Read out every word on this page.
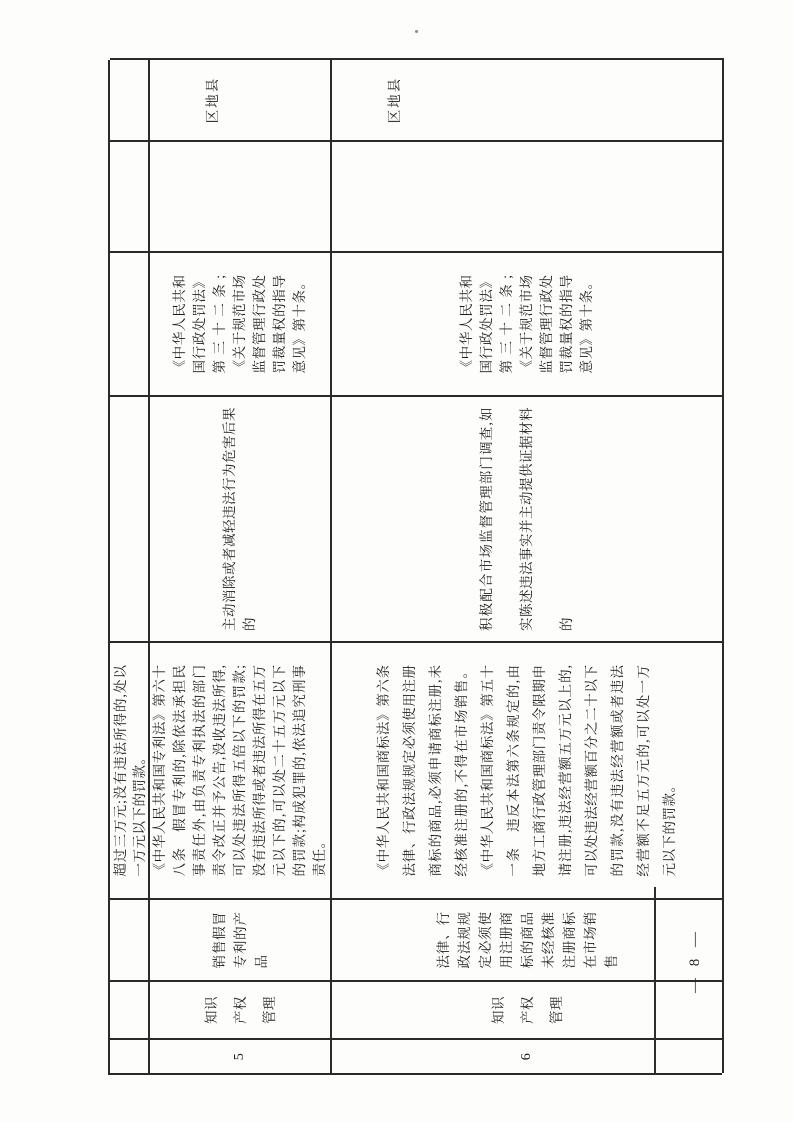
超过三万元;没有违法所得的,处以一万元以下的罚款。
5
知识产权管理
销售假冒专利的产品
《中华人民共和国专利法》第六十八条　假冒专利的,除依法承担民事责任外,由负责专利执法的部门责令改正并予公告,没收违法所得,可以处违法所得五倍以下的罚款;没有违法所得或者违法所得在五万元以下的,可以处二十五万元以下的罚款;构成犯罪的,依法追究刑事责任。
主动消除或者减轻违法行为危害后果的
《中华人民共和国行政处罚法》第三十二条;《关于规范市场监督管理行政处罚裁量权的指导意见》第十条。
区地县
6
知识产权管理
法律、行政法规规定必须使用注册商标的商品未经核准注册商标在市场销售
《中华人民共和国商标法》第六条　法律、行政法规规定必须使用注册商标的商品,必须申请商标注册,未经核准注册的,不得在市场销售。《中华人民共和国商标法》第五十一条　违反本法第六条规定的,由地方工商行政管理部门责令限期申请注册,违法经营额五万元以上的,可以处违法经营额百分之二十以下的罚款,没有违法经营额或者违法经营额不足五万元的,可以处一万元以下的罚款。
积极配合市场监督管理部门调查,如实陈述违法事实并主动提供证据材料的
《中华人民共和国行政处罚法》第三十二条;《关于规范市场监督管理行政处罚裁量权的指导意见》第十条。
区地县
— 8 —
